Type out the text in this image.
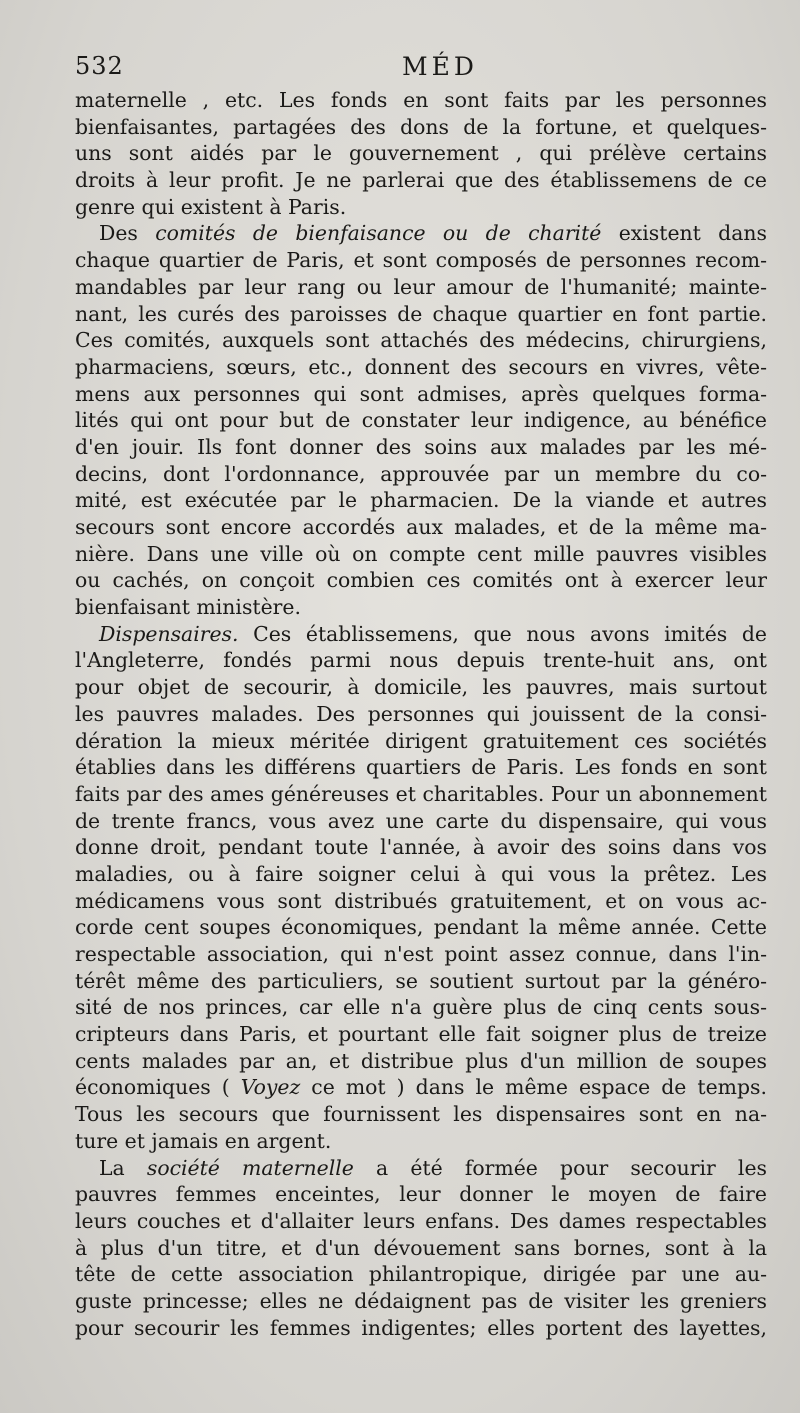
532	MÉD
maternelle , etc. Les fonds en sont faits par les personnes
bienfaisantes, partagées des dons de la fortune, et quelques-
uns sont aidés par le gouvernement , qui prélève certains
droits à leur profit. Je ne parlerai que des établissemens de ce
genre qui existent à Paris.
Des comités de bienfaisance ou de charité existent dans
chaque quartier de Paris, et sont composés de personnes recom-
mandables par leur rang ou leur amour de l'humanité; mainte-
nant, les curés des paroisses de chaque quartier en font partie.
Ces comités, auxquels sont attachés des médecins, chirurgiens,
pharmaciens, sœurs, etc., donnent des secours en vivres, vête-
mens aux personnes qui sont admises, après quelques forma-
lités qui ont pour but de constater leur indigence, au bénéfice
d'en jouir. Ils font donner des soins aux malades par les mé-
decins, dont l'ordonnance, approuvée par un membre du co-
mité, est exécutée par le pharmacien. De la viande et autres
secours sont encore accordés aux malades, et de la même ma-
nière. Dans une ville où on compte cent mille pauvres visibles
ou cachés, on conçoit combien ces comités ont à exercer leur
bienfaisant ministère.
Dispensaires. Ces établissemens, que nous avons imités de
l'Angleterre, fondés parmi nous depuis trente-huit ans, ont
pour objet de secourir, à domicile, les pauvres, mais surtout
les pauvres malades. Des personnes qui jouissent de la consi-
dération la mieux méritée dirigent gratuitement ces sociétés
établies dans les différens quartiers de Paris. Les fonds en sont
faits par des ames généreuses et charitables. Pour un abonnement
de trente francs, vous avez une carte du dispensaire, qui vous
donne droit, pendant toute l'année, à avoir des soins dans vos
maladies, ou à faire soigner celui à qui vous la prêtez. Les
médicamens vous sont distribués gratuitement, et on vous ac-
corde cent soupes économiques, pendant la même année. Cette
respectable association, qui n'est point assez connue, dans l'in-
térêt même des particuliers, se soutient surtout par la généro-
sité de nos princes, car elle n'a guère plus de cinq cents sous-
cripteurs dans Paris, et pourtant elle fait soigner plus de treize
cents malades par an, et distribue plus d'un million de soupes
économiques ( Voyez ce mot ) dans le même espace de temps.
Tous les secours que fournissent les dispensaires sont en na-
ture et jamais en argent.
La société maternelle a été formée pour secourir les
pauvres femmes enceintes, leur donner le moyen de faire
leurs couches et d'allaiter leurs enfans. Des dames respectables
à plus d'un titre, et d'un dévouement sans bornes, sont à la
tête de cette association philantropique, dirigée par une au-
guste princesse; elles ne dédaignent pas de visiter les greniers
pour secourir les femmes indigentes; elles portent des layettes,
